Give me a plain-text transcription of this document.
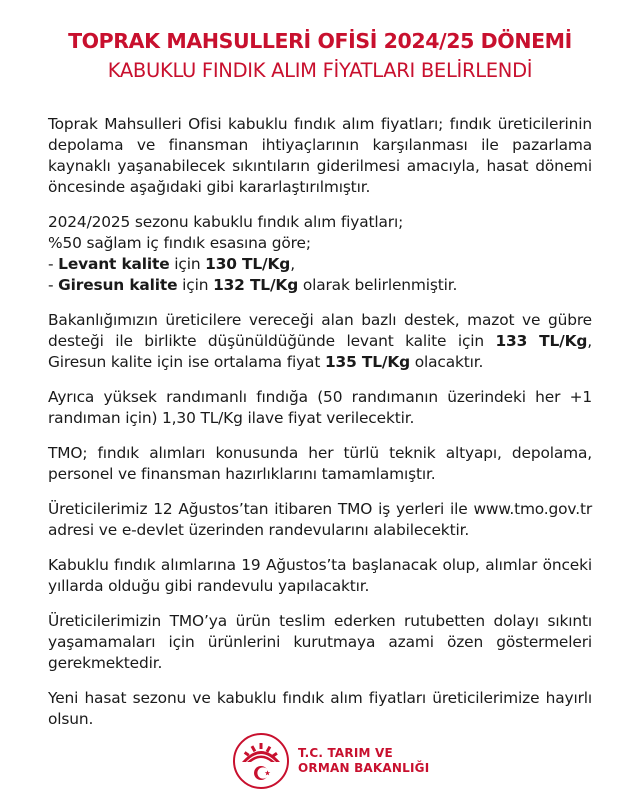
TOPRAK MAHSULLERİ OFİSİ 2024/25 DÖNEMİ
KABUKLU FINDIK ALIM FİYATLARI BELİRLENDİ

Toprak Mahsulleri Ofisi kabuklu fındık alım fiyatları; fındık üreticilerinin depolama ve finansman ihtiyaçlarının karşılanması ile pazarlama kaynaklı yaşanabilecek sıkıntıların giderilmesi amacıyla, hasat dönemi öncesinde aşağıdaki gibi kararlaştırılmıştır.

2024/2025 sezonu kabuklu fındık alım fiyatları;
%50 sağlam iç fındık esasına göre;
- Levant kalite için 130 TL/Kg,
- Giresun kalite için 132 TL/Kg olarak belirlenmiştir.

Bakanlığımızın üreticilere vereceği alan bazlı destek, mazot ve gübre desteği ile birlikte düşünüldüğünde levant kalite için 133 TL/Kg, Giresun kalite için ise ortalama fiyat 135 TL/Kg olacaktır.

Ayrıca yüksek randımanlı fındığa (50 randımanın üzerindeki her +1 randıman için) 1,30 TL/Kg ilave fiyat verilecektir.

TMO; fındık alımları konusunda her türlü teknik altyapı, depolama, personel ve finansman hazırlıklarını tamamlamıştır.

Üreticilerimiz 12 Ağustos’tan itibaren TMO iş yerleri ile www.tmo.gov.tr adresi ve e-devlet üzerinden randevularını alabilecektir.

Kabuklu fındık alımlarına 19 Ağustos’ta başlanacak olup, alımlar önceki yıllarda olduğu gibi randevulu yapılacaktır.

Üreticilerimizin TMO’ya ürün teslim ederken rutubetten dolayı sıkıntı yaşamamaları için ürünlerini kurutmaya azami özen göstermeleri gerekmektedir.

Yeni hasat sezonu ve kabuklu fındık alım fiyatları üreticilerimize hayırlı olsun.

T.C. TARIM VE
ORMAN BAKANLIĞI
